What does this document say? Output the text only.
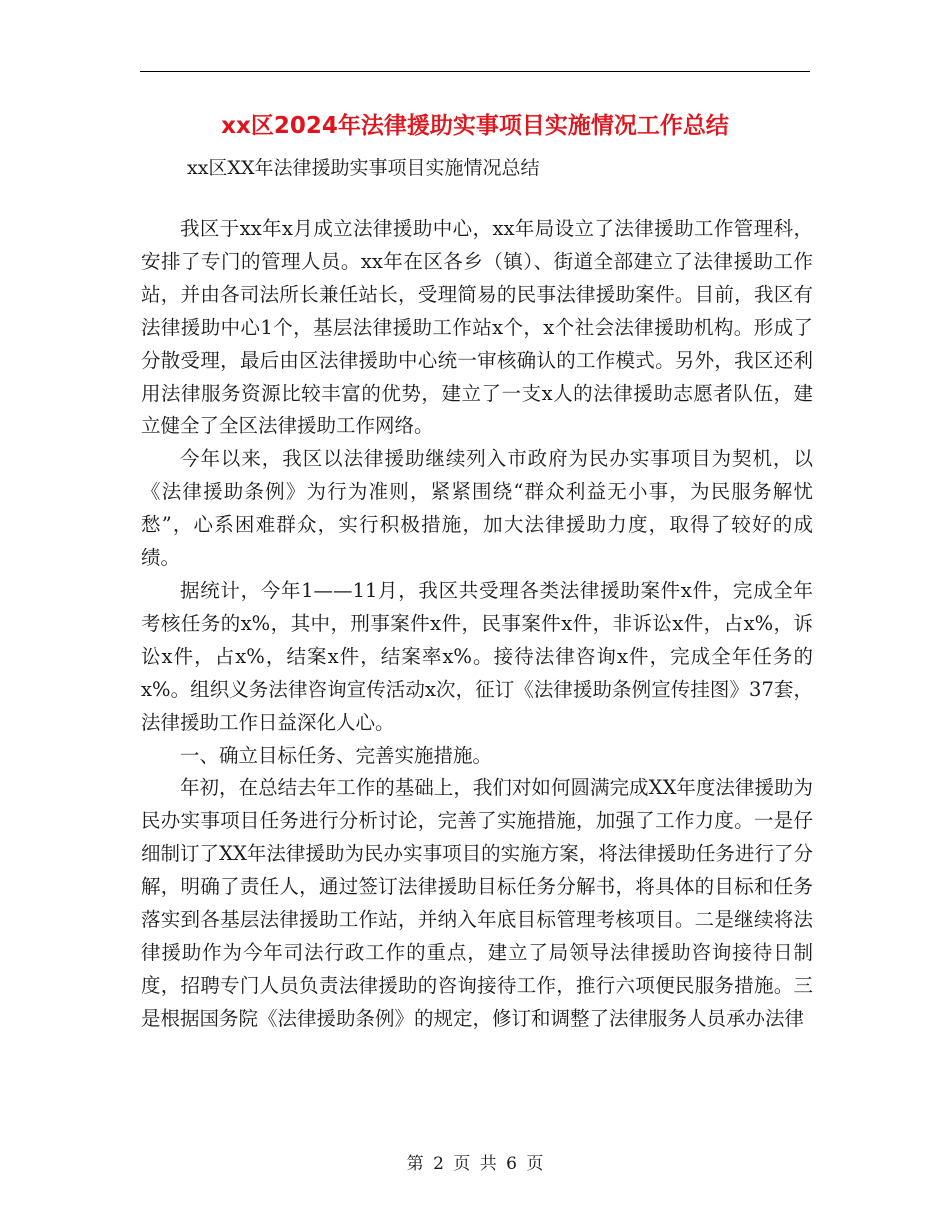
xx区2024年法律援助实事项目实施情况工作总结
xx区XX年法律援助实事项目实施情况总结

我区于xx年x月成立法律援助中心，xx年局设立了法律援助工作管理科，安排了专门的管理人员。xx年在区各乡（镇）、街道全部建立了法律援助工作站，并由各司法所长兼任站长，受理简易的民事法律援助案件。目前，我区有法律援助中心1个，基层法律援助工作站x个，x个社会法律援助机构。形成了分散受理，最后由区法律援助中心统一审核确认的工作模式。另外，我区还利用法律服务资源比较丰富的优势，建立了一支x人的法律援助志愿者队伍，建立健全了全区法律援助工作网络。

今年以来，我区以法律援助继续列入市政府为民办实事项目为契机，以《法律援助条例》为行为准则，紧紧围绕“群众利益无小事，为民服务解忧愁”，心系困难群众，实行积极措施，加大法律援助力度，取得了较好的成绩。

据统计，今年1——11月，我区共受理各类法律援助案件x件，完成全年考核任务的x%，其中，刑事案件x件，民事案件x件，非诉讼x件，占x%，诉讼x件，占x%，结案x件，结案率x%。接待法律咨询x件，完成全年任务的x%。组织义务法律咨询宣传活动x次，征订《法律援助条例宣传挂图》37套，法律援助工作日益深化人心。

一、确立目标任务、完善实施措施。

年初，在总结去年工作的基础上，我们对如何圆满完成XX年度法律援助为民办实事项目任务进行分析讨论，完善了实施措施，加强了工作力度。一是仔细制订了XX年法律援助为民办实事项目的实施方案，将法律援助任务进行了分解，明确了责任人，通过签订法律援助目标任务分解书，将具体的目标和任务落实到各基层法律援助工作站，并纳入年底目标管理考核项目。二是继续将法律援助作为今年司法行政工作的重点，建立了局领导法律援助咨询接待日制度，招聘专门人员负责法律援助的咨询接待工作，推行六项便民服务措施。三是根据国务院《法律援助条例》的规定，修订和调整了法律服务人员承办法律

第 2 页 共 6 页
